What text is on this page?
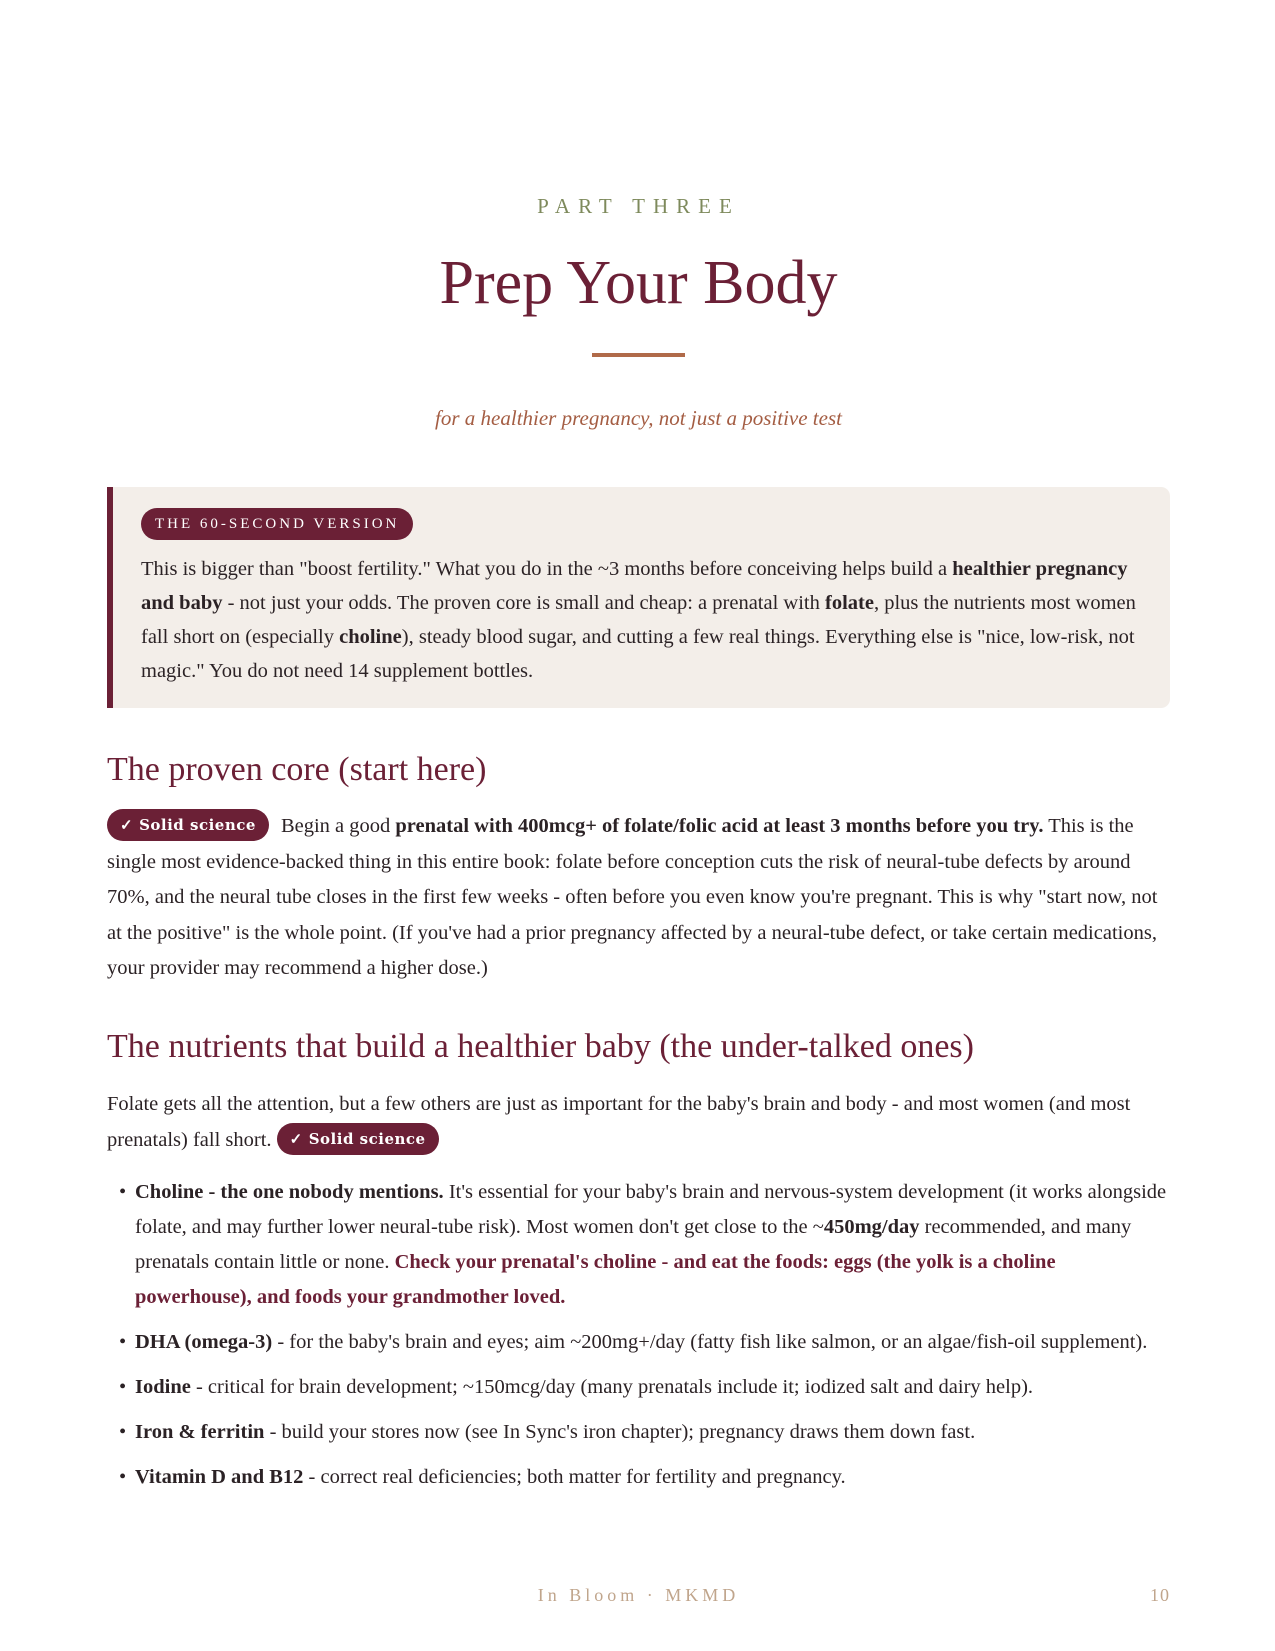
PART THREE
Prep Your Body
for a healthier pregnancy, not just a positive test
THE 60-SECOND VERSION

This is bigger than "boost fertility." What you do in the ~3 months before conceiving helps build a healthier pregnancy and baby - not just your odds. The proven core is small and cheap: a prenatal with folate, plus the nutrients most women fall short on (especially choline), steady blood sugar, and cutting a few real things. Everything else is "nice, low-risk, not magic." You do not need 14 supplement bottles.

The proven core (start here)

✓ Solid science Begin a good prenatal with 400mcg+ of folate/folic acid at least 3 months before you try. This is the single most evidence-backed thing in this entire book: folate before conception cuts the risk of neural-tube defects by around 70%, and the neural tube closes in the first few weeks - often before you even know you're pregnant. This is why "start now, not at the positive" is the whole point. (If you've had a prior pregnancy affected by a neural-tube defect, or take certain medications, your provider may recommend a higher dose.)

The nutrients that build a healthier baby (the under-talked ones)

Folate gets all the attention, but a few others are just as important for the baby's brain and body - and most women (and most prenatals) fall short. ✓ Solid science

• Choline - the one nobody mentions. It's essential for your baby's brain and nervous-system development (it works alongside folate, and may further lower neural-tube risk). Most women don't get close to the ~450mg/day recommended, and many prenatals contain little or none. Check your prenatal's choline - and eat the foods: eggs (the yolk is a choline powerhouse), and foods your grandmother loved.
• DHA (omega-3) - for the baby's brain and eyes; aim ~200mg+/day (fatty fish like salmon, or an algae/fish-oil supplement).
• Iodine - critical for brain development; ~150mcg/day (many prenatals include it; iodized salt and dairy help).
• Iron & ferritin - build your stores now (see In Sync's iron chapter); pregnancy draws them down fast.
• Vitamin D and B12 - correct real deficiencies; both matter for fertility and pregnancy.
In Bloom · MKMD	10
